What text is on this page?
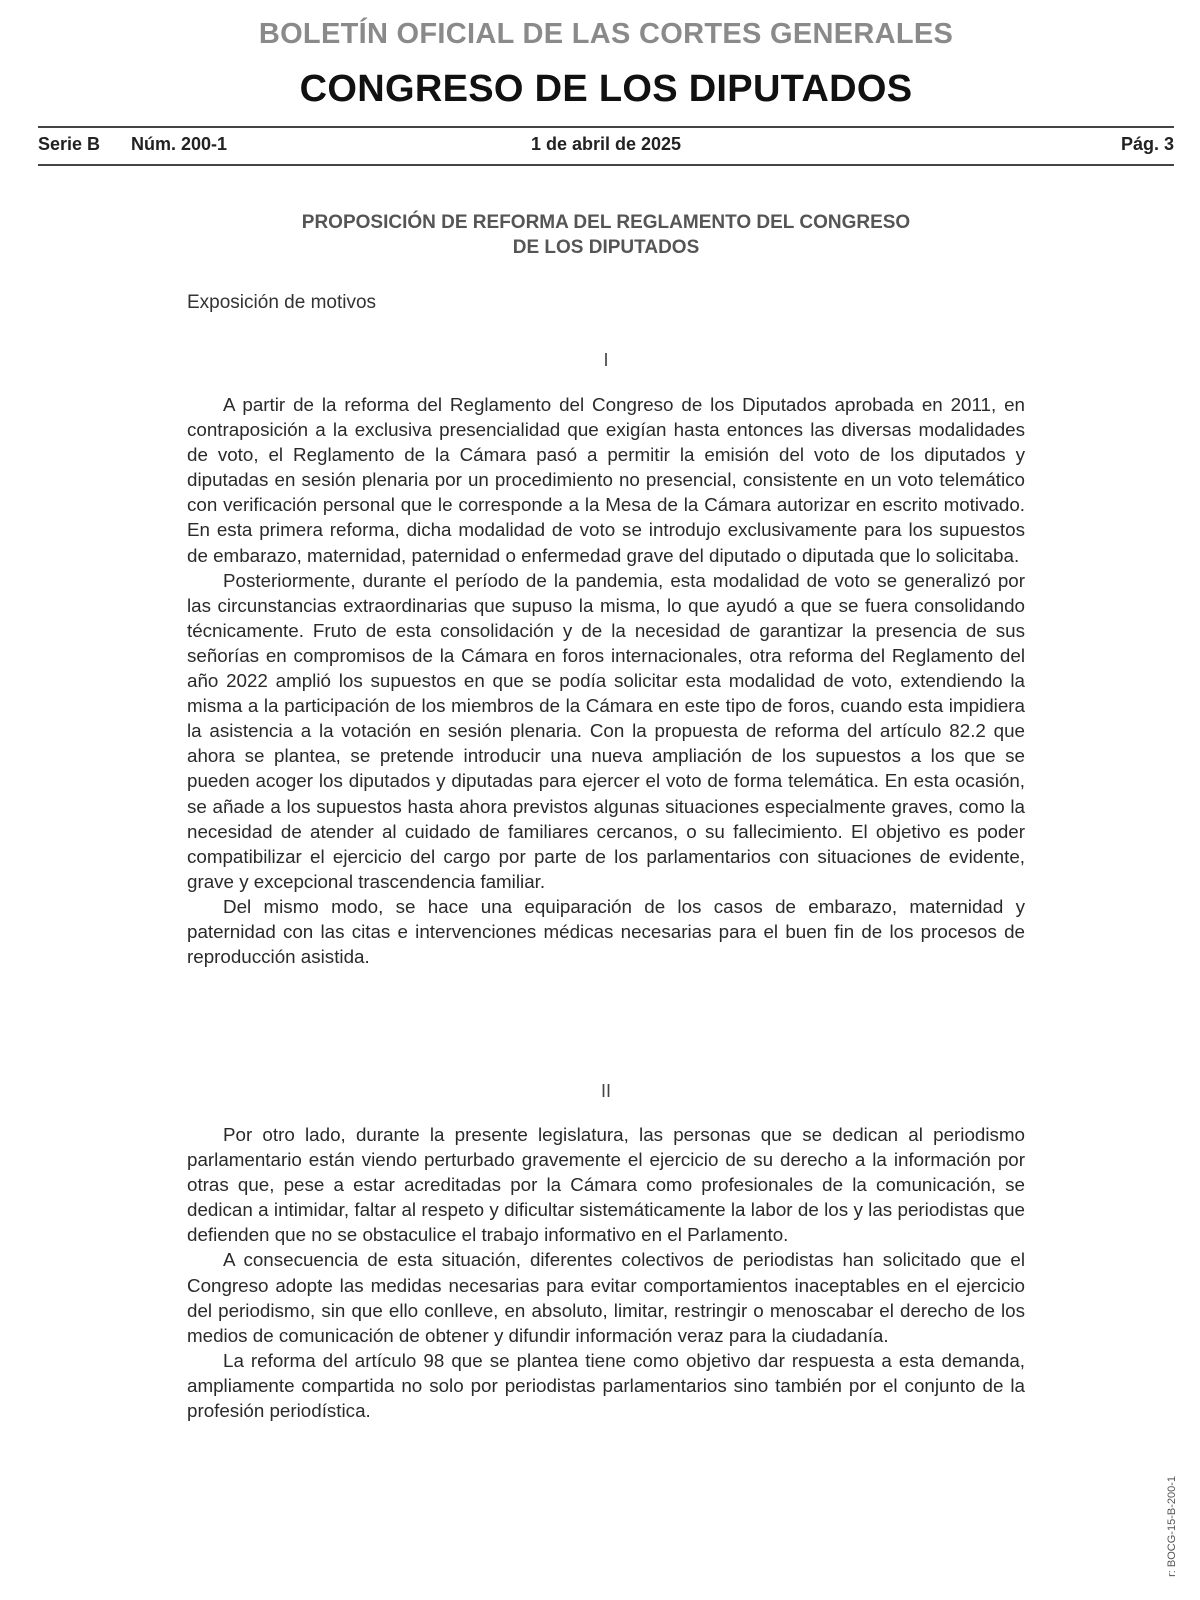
BOLETÍN OFICIAL DE LAS CORTES GENERALES
CONGRESO DE LOS DIPUTADOS
Serie B Núm. 200-1	1 de abril de 2025	Pág. 3
PROPOSICIÓN DE REFORMA DEL REGLAMENTO DEL CONGRESO
DE LOS DIPUTADOS
Exposición de motivos
I

A partir de la reforma del Reglamento del Congreso de los Diputados aprobada en 2011, en contraposición a la exclusiva presencialidad que exigían hasta entonces las diversas modalidades de voto, el Reglamento de la Cámara pasó a permitir la emisión del voto de los diputados y diputadas en sesión plenaria por un procedimiento no presencial, consistente en un voto telemático con verificación personal que le corresponde a la Mesa de la Cámara autorizar en escrito motivado. En esta primera reforma, dicha modalidad de voto se introdujo exclusivamente para los supuestos de embarazo, maternidad, paternidad o enfermedad grave del diputado o diputada que lo solicitaba.

Posteriormente, durante el período de la pandemia, esta modalidad de voto se generalizó por las circunstancias extraordinarias que supuso la misma, lo que ayudó a que se fuera consolidando técnicamente. Fruto de esta consolidación y de la necesidad de garantizar la presencia de sus señorías en compromisos de la Cámara en foros internacionales, otra reforma del Reglamento del año 2022 amplió los supuestos en que se podía solicitar esta modalidad de voto, extendiendo la misma a la participación de los miembros de la Cámara en este tipo de foros, cuando esta impidiera la asistencia a la votación en sesión plenaria. Con la propuesta de reforma del artículo 82.2 que ahora se plantea, se pretende introducir una nueva ampliación de los supuestos a los que se pueden acoger los diputados y diputadas para ejercer el voto de forma telemática. En esta ocasión, se añade a los supuestos hasta ahora previstos algunas situaciones especialmente graves, como la necesidad de atender al cuidado de familiares cercanos, o su fallecimiento. El objetivo es poder compatibilizar el ejercicio del cargo por parte de los parlamentarios con situaciones de evidente, grave y excepcional trascendencia familiar.

Del mismo modo, se hace una equiparación de los casos de embarazo, maternidad y paternidad con las citas e intervenciones médicas necesarias para el buen fin de los procesos de reproducción asistida.

II

Por otro lado, durante la presente legislatura, las personas que se dedican al periodismo parlamentario están viendo perturbado gravemente el ejercicio de su derecho a la información por otras que, pese a estar acreditadas por la Cámara como profesionales de la comunicación, se dedican a intimidar, faltar al respeto y dificultar sistemáticamente la labor de los y las periodistas que defienden que no se obstaculice el trabajo informativo en el Parlamento.

A consecuencia de esta situación, diferentes colectivos de periodistas han solicitado que el Congreso adopte las medidas necesarias para evitar comportamientos inaceptables en el ejercicio del periodismo, sin que ello conlleve, en absoluto, limitar, restringir o menoscabar el derecho de los medios de comunicación de obtener y difundir información veraz para la ciudadanía.

La reforma del artículo 98 que se plantea tiene como objetivo dar respuesta a esta demanda, ampliamente compartida no solo por periodistas parlamentarios sino también por el conjunto de la profesión periodística.

r: BOCG-15-B-200-1
